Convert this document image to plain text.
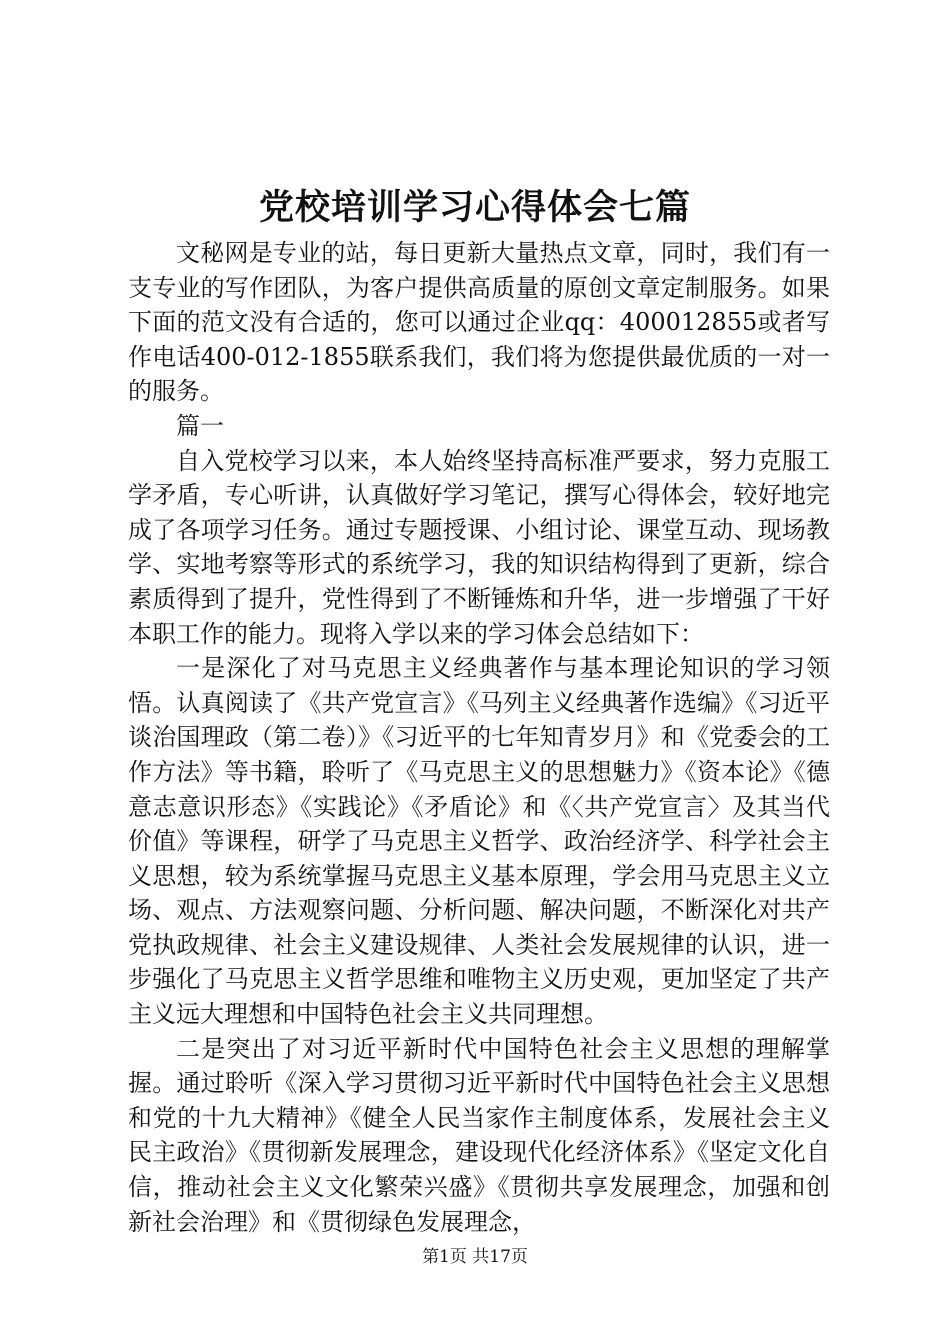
党校培训学习心得体会七篇

文秘网是专业的站，每日更新大量热点文章，同时，我们有一支专业的写作团队，为客户提供高质量的原创文章定制服务。如果下面的范文没有合适的，您可以通过企业qq：400012855或者写作电话400-012-1855联系我们，我们将为您提供最优质的一对一的服务。

篇一

自入党校学习以来，本人始终坚持高标准严要求，努力克服工学矛盾，专心听讲，认真做好学习笔记，撰写心得体会，较好地完成了各项学习任务。通过专题授课、小组讨论、课堂互动、现场教学、实地考察等形式的系统学习，我的知识结构得到了更新，综合素质得到了提升，党性得到了不断锤炼和升华，进一步增强了干好本职工作的能力。现将入学以来的学习体会总结如下：

一是深化了对马克思主义经典著作与基本理论知识的学习领悟。认真阅读了《共产党宣言》《马列主义经典著作选编》《习近平谈治国理政（第二卷）》《习近平的七年知青岁月》和《党委会的工作方法》等书籍，聆听了《马克思主义的思想魅力》《资本论》《德意志意识形态》《实践论》《矛盾论》和《〈共产党宣言〉及其当代价值》等课程，研学了马克思主义哲学、政治经济学、科学社会主义思想，较为系统掌握马克思主义基本原理，学会用马克思主义立场、观点、方法观察问题、分析问题、解决问题，不断深化对共产党执政规律、社会主义建设规律、人类社会发展规律的认识，进一步强化了马克思主义哲学思维和唯物主义历史观，更加坚定了共产主义远大理想和中国特色社会主义共同理想。

二是突出了对习近平新时代中国特色社会主义思想的理解掌握。通过聆听《深入学习贯彻习近平新时代中国特色社会主义思想和党的十九大精神》《健全人民当家作主制度体系，发展社会主义民主政治》《贯彻新发展理念，建设现代化经济体系》《坚定文化自信，推动社会主义文化繁荣兴盛》《贯彻共享发展理念，加强和创新社会治理》和《贯彻绿色发展理念，

第1页 共17页
